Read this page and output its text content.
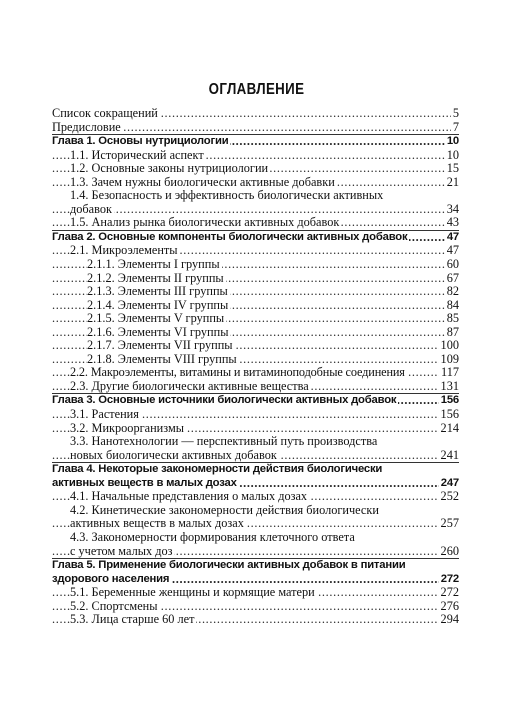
ОГЛАВЛЕНИЕ
Список сокращений . . .	5
Предисловие . . .	7
Глава 1. Основы нутрициологии . . .	10
1.1. Исторический аспект . . .	10
1.2. Основные законы нутрициологии . . .	15
1.3. Зачем нужны биологически активные добавки . . .	21
1.4. Безопасность и эффективность биологически активных
добавок . . .	34
1.5. Анализ рынка биологически активных добавок . . .	43
Глава 2. Основные компоненты биологически активных добавок . . .	47
2.1. Микроэлементы . . .	47
2.1.1. Элементы I группы . . .	60
2.1.2. Элементы II группы . . .	67
2.1.3. Элементы III группы . . .	82
2.1.4. Элементы IV группы . . .	84
2.1.5. Элементы V группы . . .	85
2.1.6. Элементы VI группы . . .	87
2.1.7. Элементы VII группы . . .	100
2.1.8. Элементы VIII группы . . .	109
2.2. Макроэлементы, витамины и витаминоподобные соединения . . .	117
2.3. Другие биологически активные вещества . . .	131
Глава 3. Основные источники биологически активных добавок . . .	156
3.1. Растения . . .	156
3.2. Микроорганизмы . . .	214
3.3. Нанотехнологии — перспективный путь производства
новых биологически активных добавок . . .	241
Глава 4. Некоторые закономерности действия биологически
активных веществ в малых дозах . . .	247
4.1. Начальные представления о малых дозах . . .	252
4.2. Кинетические закономерности действия биологически
активных веществ в малых дозах . . .	257
4.3. Закономерности формирования клеточного ответа
с учетом малых доз . . .	260
Глава 5. Применение биологически активных добавок в питании
здорового населения . . .	272
5.1. Беременные женщины и кормящие матери . . .	272
5.2. Спортсмены . . .	276
5.3. Лица старше 60 лет . . .	294
